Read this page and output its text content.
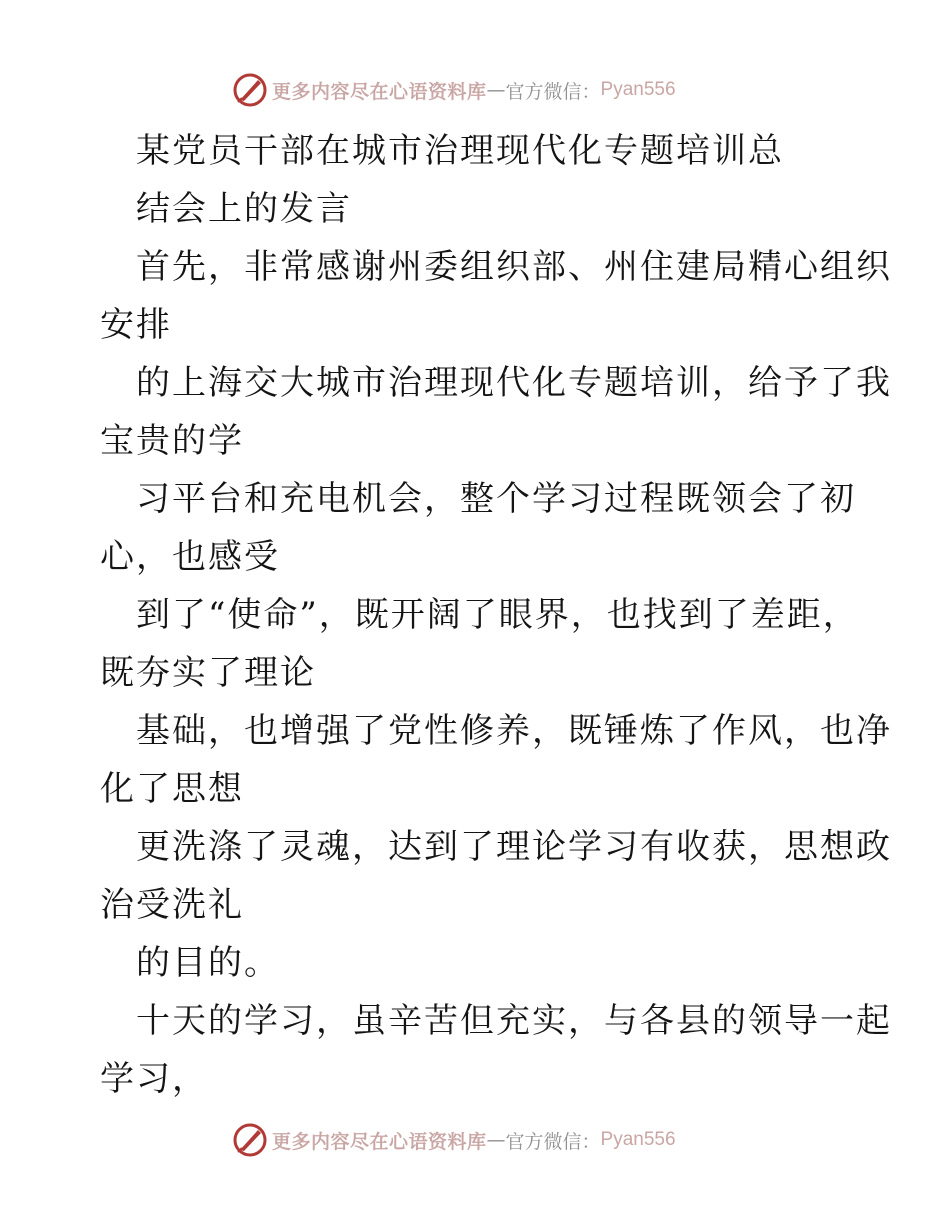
更多内容尽在心语资料库 — 官方微信： Pyan556
某党员干部在城市治理现代化专题培训总
结会上的发言
首先，非常感谢州委组织部、州住建局精心组织
安排
的上海交大城市治理现代化专题培训，给予了我
宝贵的学
习平台和充电机会，整个学习过程既领会了初
心，也感受
到了“使命”，既开阔了眼界，也找到了差距，
既夯实了理论
基础，也增强了党性修养，既锤炼了作风，也净
化了思想
更洗涤了灵魂，达到了理论学习有收获，思想政
治受洗礼
的目的。
十天的学习，虽辛苦但充实，与各县的领导一起
学习，
更多内容尽在心语资料库 — 官方微信： Pyan556
